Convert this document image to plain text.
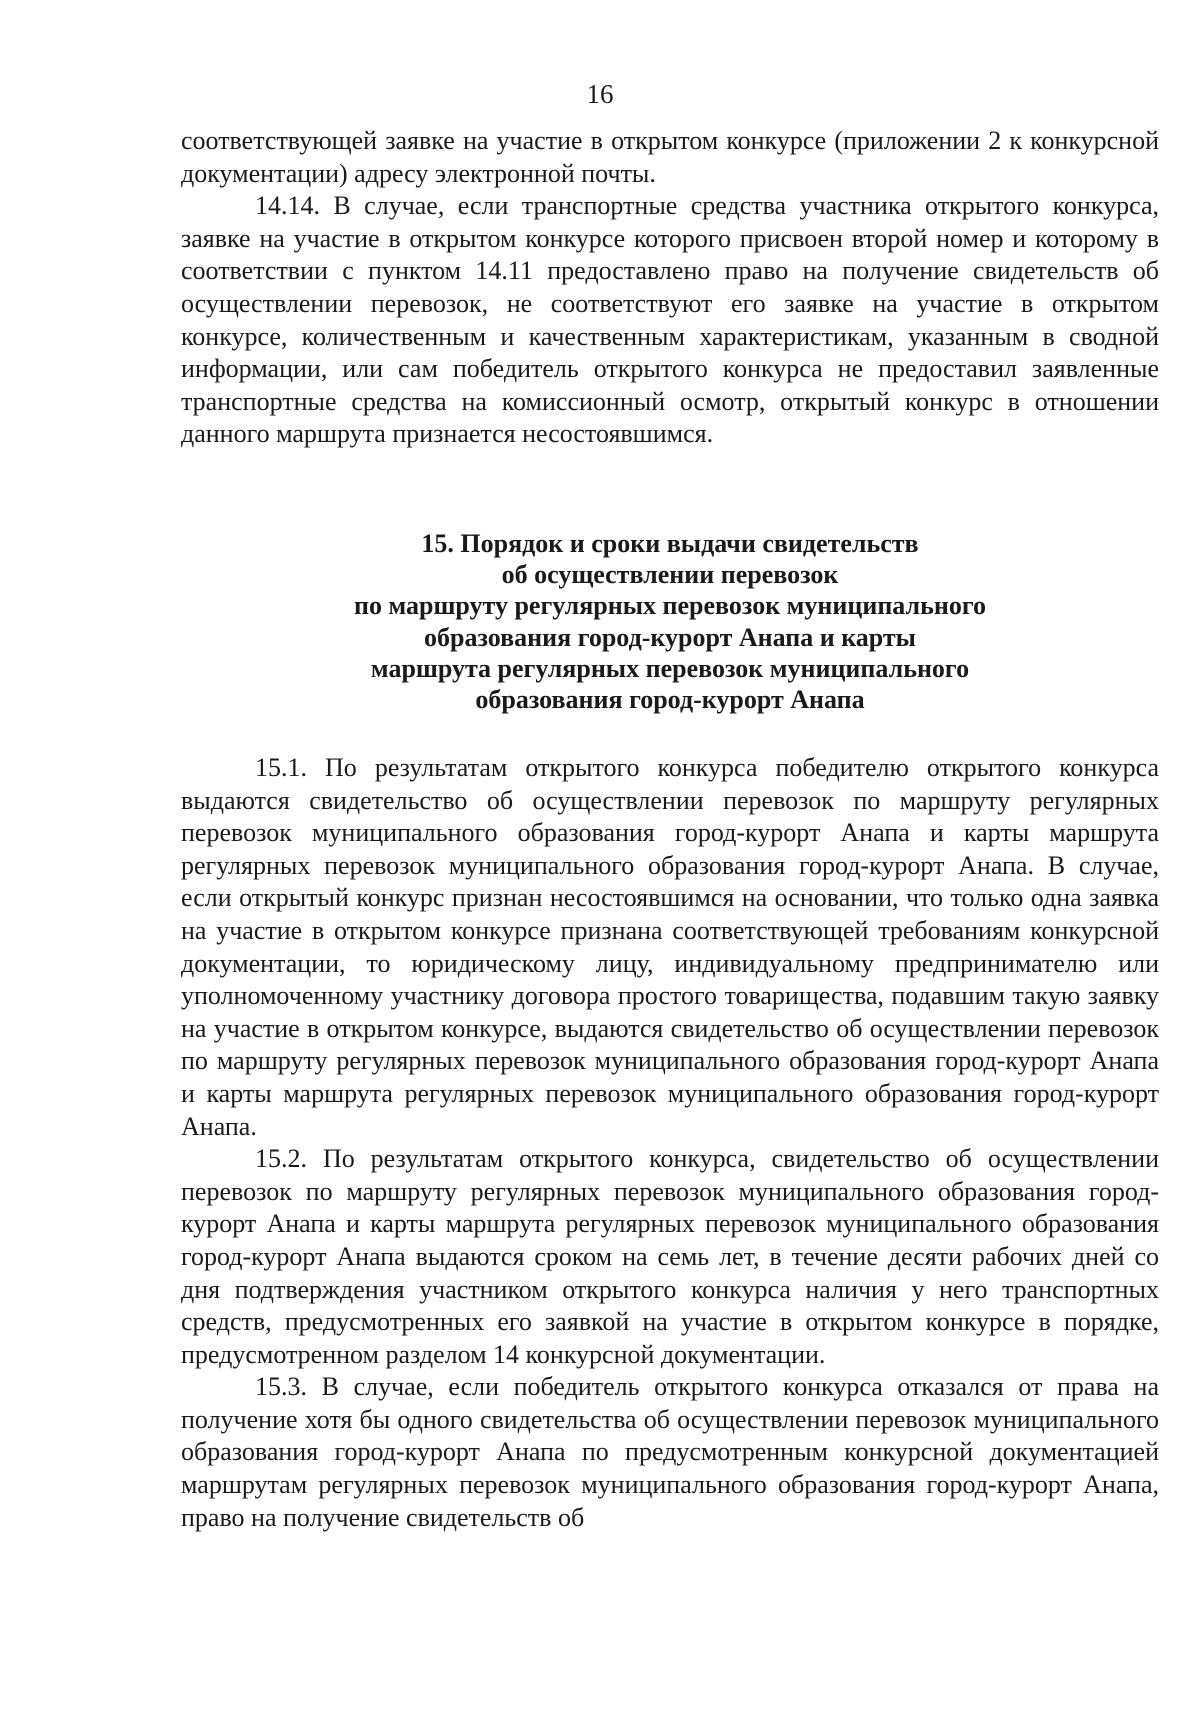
16

соответствующей заявке на участие в открытом конкурсе (приложении 2 к конкурсной документации) адресу электронной почты.

14.14. В случае, если транспортные средства участника открытого конкурса, заявке на участие в открытом конкурсе которого присвоен второй номер и которому в соответствии с пунктом 14.11 предоставлено право на получение свидетельств об осуществлении перевозок, не соответствуют его заявке на участие в открытом конкурсе, количественным и качественным характеристикам, указанным в сводной информации, или сам победитель открытого конкурса не предоставил заявленные транспортные средства на комиссионный осмотр, открытый конкурс в отношении данного маршрута признается несостоявшимся.

15. Порядок и сроки выдачи свидетельств
об осуществлении перевозок
по маршруту регулярных перевозок муниципального
образования город-курорт Анапа и карты
маршрута регулярных перевозок муниципального
образования город-курорт Анапа

15.1. По результатам открытого конкурса победителю открытого конкурса выдаются свидетельство об осуществлении перевозок по маршруту регулярных перевозок муниципального образования город-курорт Анапа и карты маршрута регулярных перевозок муниципального образования город-курорт Анапа. В случае, если открытый конкурс признан несостоявшимся на основании, что только одна заявка на участие в открытом конкурсе признана соответствующей требованиям конкурсной документации, то юридическому лицу, индивидуальному предпринимателю или уполномоченному участнику договора простого товарищества, подавшим такую заявку на участие в открытом конкурсе, выдаются свидетельство об осуществлении перевозок по маршруту регулярных перевозок муниципального образования город-курорт Анапа и карты маршрута регулярных перевозок муниципального образования город-курорт Анапа.

15.2. По результатам открытого конкурса, свидетельство об осуществлении перевозок по маршруту регулярных перевозок муниципального образования город-курорт Анапа и карты маршрута регулярных перевозок муниципального образования город-курорт Анапа выдаются сроком на семь лет, в течение десяти рабочих дней со дня подтверждения участником открытого конкурса наличия у него транспортных средств, предусмотренных его заявкой на участие в открытом конкурсе в порядке, предусмотренном разделом 14 конкурсной документации.

15.3. В случае, если победитель открытого конкурса отказался от права на получение хотя бы одного свидетельства об осуществлении перевозок муниципального образования город-курорт Анапа по предусмотренным конкурсной документацией маршрутам регулярных перевозок муниципального образования город-курорт Анапа, право на получение свидетельств об
